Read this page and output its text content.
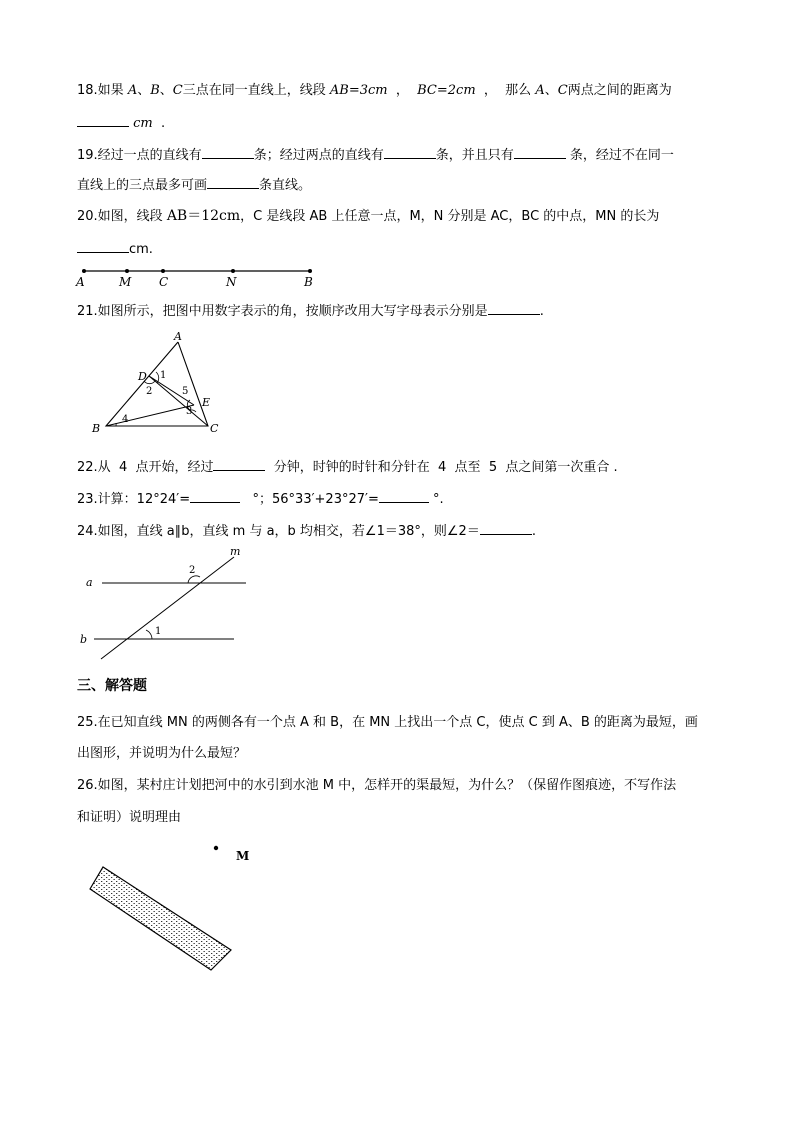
18.如果 A、B、C三点在同一直线上，线段 AB=3cm  ，  BC=2cm  ，  那么 A、C两点之间的距离为
cm  .
19.经过一点的直线有	条；经过两点的直线有	条，并且只有	条，经过不在同一
直线上的三点最多可画	条直线。
20.如图，线段 AB＝12cm，C 是线段 AB 上任意一点，M，N 分别是 AC，BC 的中点，MN 的长为
cm.
A	M C	N	B
21.如图所示，把图中用数字表示的角，按顺序改用大写字母表示分别是	.
A
B	C
D
E
1
2
3
4
5
22.从  4  点开始，经过	分钟，时钟的时针和分针在  4  点至  5  点之间第一次重合 .
23.计算：12°24′=	°；56°33′+23°27′=	°.
24.如图，直线 a∥b，直线 m 与 a，b 均相交，若∠1＝38°，则∠2＝	.
a
b
m
1
2
三、解答题
25.在已知直线 MN 的两侧各有一个点 A 和 B，在 MN 上找出一个点 C，使点 C 到 A、B 的距离为最短，画
出图形，并说明为什么最短？
26.如图，某村庄计划把河中的水引到水池 M 中，怎样开的渠最短，为什么？（保留作图痕迹，不写作法
和证明）说明理由
M
